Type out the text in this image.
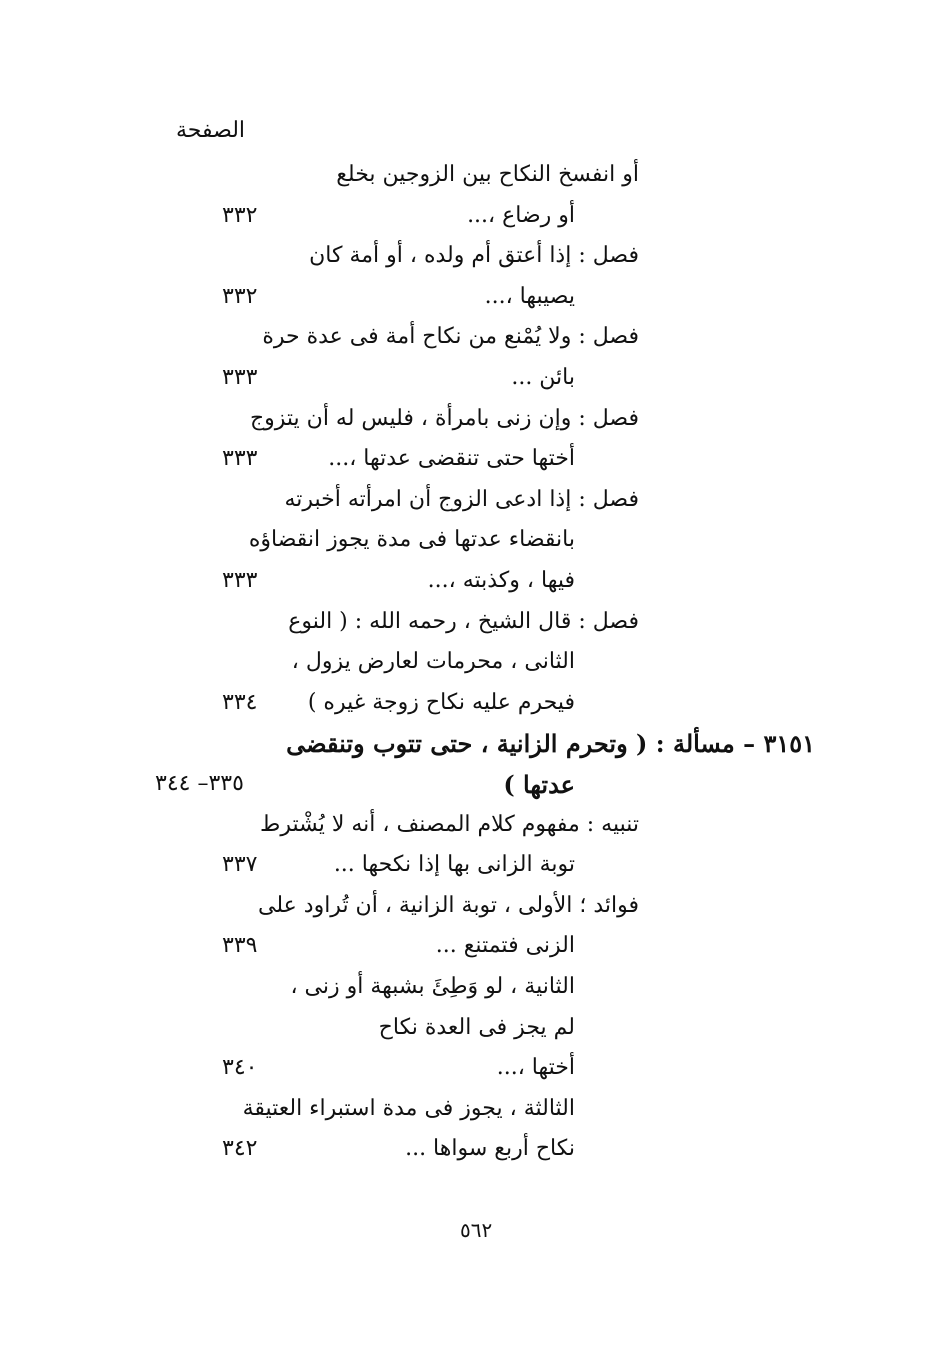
الصفحة
أو انفسخ النكاح بين الزوجين بخلع
أو رضاع ،...
٣٣٢
فصل : إذا أعتق أم ولده ، أو أمة كان
يصيبها ،...
٣٣٢
فصل : ولا يُمْنع من نكاح أمة فى عدة حرة
بائن ...
٣٣٣
فصل : وإن زنى بامرأة ، فليس له أن يتزوج
أختها حتى تنقضى عدتها ،...
٣٣٣
فصل : إذا ادعى الزوج أن امرأته أخبرته
بانقضاء عدتها فى مدة يجوز انقضاؤه
فيها ، وكذبته ،...
٣٣٣
فصل : قال الشيخ ، رحمه الله : ( النوع
الثانى ، محرمات لعارض يزول ،
فيحرم عليه نكاح زوجة غيره )
٣٣٤
٣١٥١ – مسألة : ( وتحرم الزانية ، حتى تتوب وتنقضى
عدتها )
٣٣٥– ٣٤٤
تنبيه : مفهوم كلام المصنف ، أنه لا يُشْترط
توبة الزانى بها إذا نكحها ...
٣٣٧
فوائد ؛ الأولى ، توبة الزانية ، أن تُراود على
الزنى فتمتنع ...
٣٣٩
الثانية ، لو وَطِئَ بشبهة أو زنى ،
لم يجز فى العدة نكاح
أختها ،...
٣٤٠
الثالثة ، يجوز فى مدة استبراء العتيقة
نكاح أربع سواها ...
٣٤٢
٥٦٢
